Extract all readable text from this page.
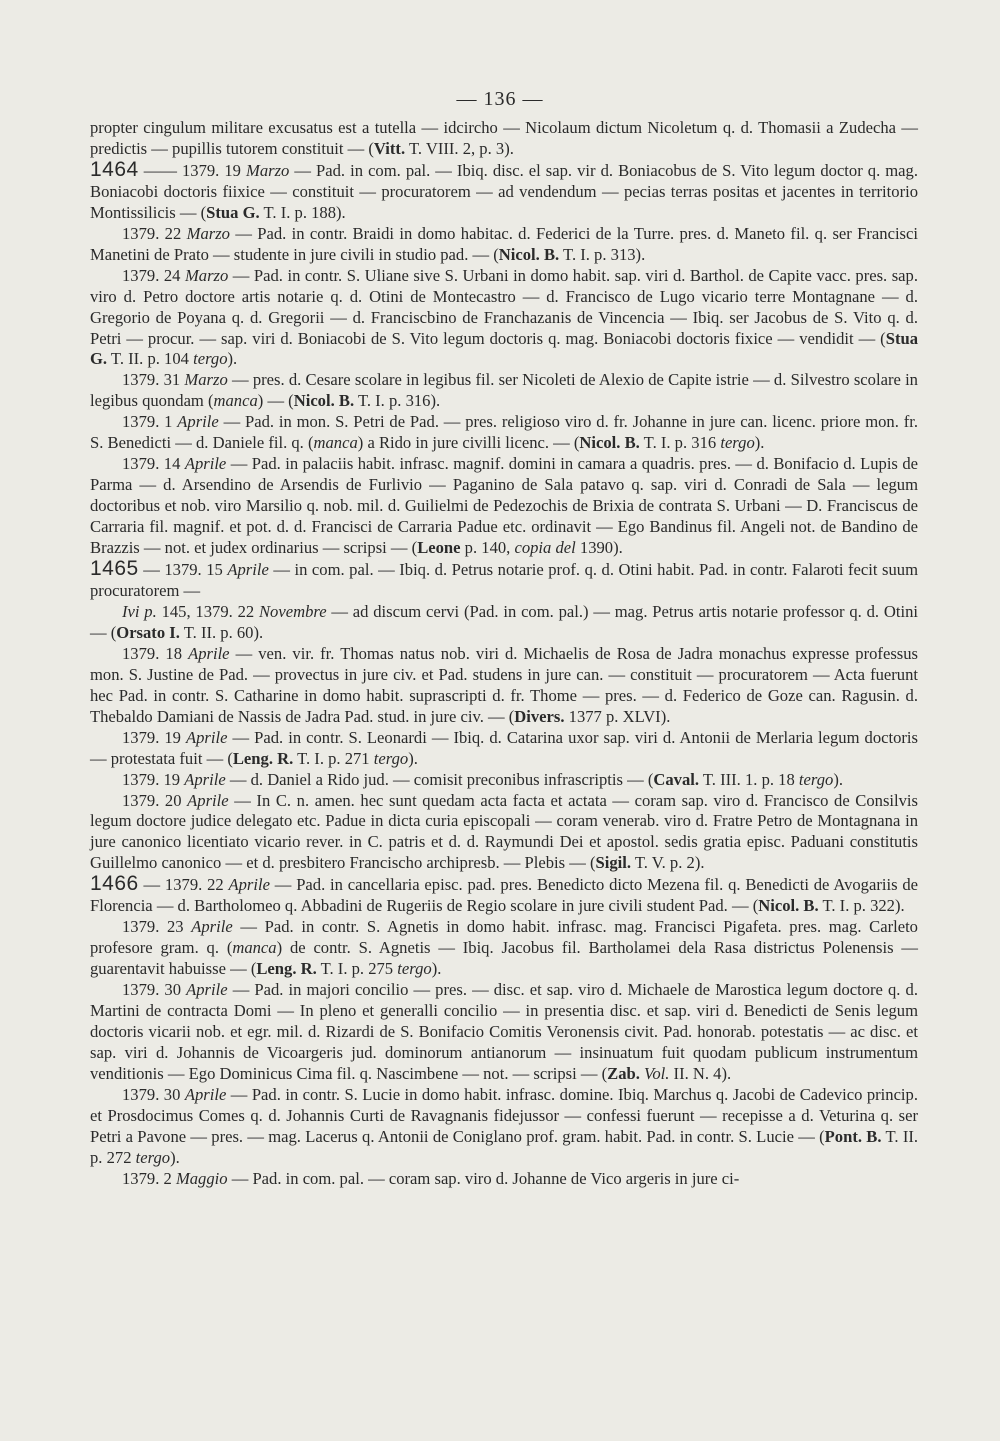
— 136 —

propter cingulum militare excusatus est a tutella — idcircho — Nicolaum dictum Nicoletum q. d. Thomasii a Zudecha — predictis — pupillis tutorem constituit — (Vitt. T. VIII. 2, p. 3).

1464 —— 1379. 19 Marzo — Pad. in com. pal. — Ibiq. disc. el sap. vir d. Boniacobus de S. Vito legum doctor q. mag. Boniacobi doctoris fiixice — constituit — procuratorem — ad vendendum — pecias terras positas et jacentes in territorio Montissilicis — (Stua G. T. I. p. 188).

1379. 22 Marzo — Pad. in contr. Braidi in domo habitac. d. Federici de la Turre. pres. d. Maneto fil. q. ser Francisci Manetini de Prato — studente in jure civili in studio pad. — (Nicol. B. T. I. p. 313).

1379. 24 Marzo — Pad. in contr. S. Uliane sive S. Urbani in domo habit. sap. viri d. Barthol. de Capite vacc. pres. sap. viro d. Petro doctore artis notarie q. d. Otini de Montecastro — d. Francisco de Lugo vicario terre Montagnane — d. Gregorio de Poyana q. d. Gregorii — d. Franciscbino de Franchazanis de Vincencia — Ibiq. ser Jacobus de S. Vito q. d. Petri — procur. — sap. viri d. Boniacobi de S. Vito legum doctoris q. mag. Boniacobi doctoris fixice — vendidit — (Stua G. T. II. p. 104 tergo).

1379. 31 Marzo — pres. d. Cesare scolare in legibus fil. ser Nicoleti de Alexio de Capite istrie — d. Silvestro scolare in legibus quondam (manca) — (Nicol. B. T. I. p. 316).

1379. 1 Aprile — Pad. in mon. S. Petri de Pad. — pres. religioso viro d. fr. Johanne in jure can. licenc. priore mon. fr. S. Benedicti — d. Daniele fil. q. (manca) a Rido in jure civilli licenc. — (Nicol. B. T. I. p. 316 tergo).

1379. 14 Aprile — Pad. in palaciis habit. infrasc. magnif. domini in camara a quadris. pres. — d. Bonifacio d. Lupis de Parma — d. Arsendino de Arsendis de Furlivio — Paganino de Sala patavo q. sap. viri d. Conradi de Sala — legum doctoribus et nob. viro Marsilio q. nob. mil. d. Guilielmi de Pedezochis de Brixia de contrata S. Urbani — D. Franciscus de Carraria fil. magnif. et pot. d. d. Francisci de Carraria Padue etc. ordinavit — Ego Bandinus fil. Angeli not. de Bandino de Brazzis — not. et judex ordinarius — scripsi — (Leone p. 140, copia del 1390).

1465 — 1379. 15 Aprile — in com. pal. — Ibiq. d. Petrus notarie prof. q. d. Otini habit. Pad. in contr. Falaroti fecit suum procuratorem —

Ivi p. 145, 1379. 22 Novembre — ad discum cervi (Pad. in com. pal.) — mag. Petrus artis notarie professor q. d. Otini — (Orsato I. T. II. p. 60).

1379. 18 Aprile — ven. vir. fr. Thomas natus nob. viri d. Michaelis de Rosa de Jadra monachus expresse professus mon. S. Justine de Pad. — provectus in jure civ. et Pad. studens in jure can. — constituit — procuratorem — Acta fuerunt hec Pad. in contr. S. Catharine in domo habit. suprascripti d. fr. Thome — pres. — d. Federico de Goze can. Ragusin. d. Thebaldo Damiani de Nassis de Jadra Pad. stud. in jure civ. — (Divers. 1377 p. XLVI).

1379. 19 Aprile — Pad. in contr. S. Leonardi — Ibiq. d. Catarina uxor sap. viri d. Antonii de Merlaria legum doctoris — protestata fuit — (Leng. R. T. I. p. 271 tergo).

1379. 19 Aprile — d. Daniel a Rido jud. — comisit preconibus infrascriptis — (Caval. T. III. 1. p. 18 tergo).

1379. 20 Aprile — In C. n. amen. hec sunt quedam acta facta et actata — coram sap. viro d. Francisco de Consilvis legum doctore judice delegato etc. Padue in dicta curia episcopali — coram venerab. viro d. Fratre Petro de Montagnana in jure canonico licentiato vicario rever. in C. patris et d. d. Raymundi Dei et apostol. sedis gratia episc. Paduani constitutis Guillelmo canonico — et d. presbitero Francischo archipresb. — Plebis — (Sigil. T. V. p. 2).

1466 — 1379. 22 Aprile — Pad. in cancellaria episc. pad. pres. Benedicto dicto Mezena fil. q. Benedicti de Avogariis de Florencia — d. Bartholomeo q. Abbadini de Rugeriis de Regio scolare in jure civili student Pad. — (Nicol. B. T. I. p. 322).

1379. 23 Aprile — Pad. in contr. S. Agnetis in domo habit. infrasc. mag. Francisci Pigafeta. pres. mag. Carleto profesore gram. q. (manca) de contr. S. Agnetis — Ibiq. Jacobus fil. Bartholamei dela Rasa districtus Polenensis — guarentavit habuisse — (Leng. R. T. I. p. 275 tergo).

1379. 30 Aprile — Pad. in majori concilio — pres. — disc. et sap. viro d. Michaele de Marostica legum doctore q. d. Martini de contracta Domi — In pleno et generalli concilio — in presentia disc. et sap. viri d. Benedicti de Senis legum doctoris vicarii nob. et egr. mil. d. Rizardi de S. Bonifacio Comitis Veronensis civit. Pad. honorab. potestatis — ac disc. et sap. viri d. Johannis de Vicoargeris jud. dominorum antianorum — insinuatum fuit quodam publicum instrumentum venditionis — Ego Dominicus Cima fil. q. Nascimbene — not. — scripsi — (Zab. Vol. II. N. 4).

1379. 30 Aprile — Pad. in contr. S. Lucie in domo habit. infrasc. domine. Ibiq. Marchus q. Jacobi de Cadevico princip. et Prosdocimus Comes q. d. Johannis Curti de Ravagnanis fidejussor — confessi fuerunt — recepisse a d. Veturina q. ser Petri a Pavone — pres. — mag. Lacerus q. Antonii de Coniglano prof. gram. habit. Pad. in contr. S. Lucie — (Pont. B. T. II. p. 272 tergo).

1379. 2 Maggio — Pad. in com. pal. — coram sap. viro d. Johanne de Vico argeris in jure ci-
